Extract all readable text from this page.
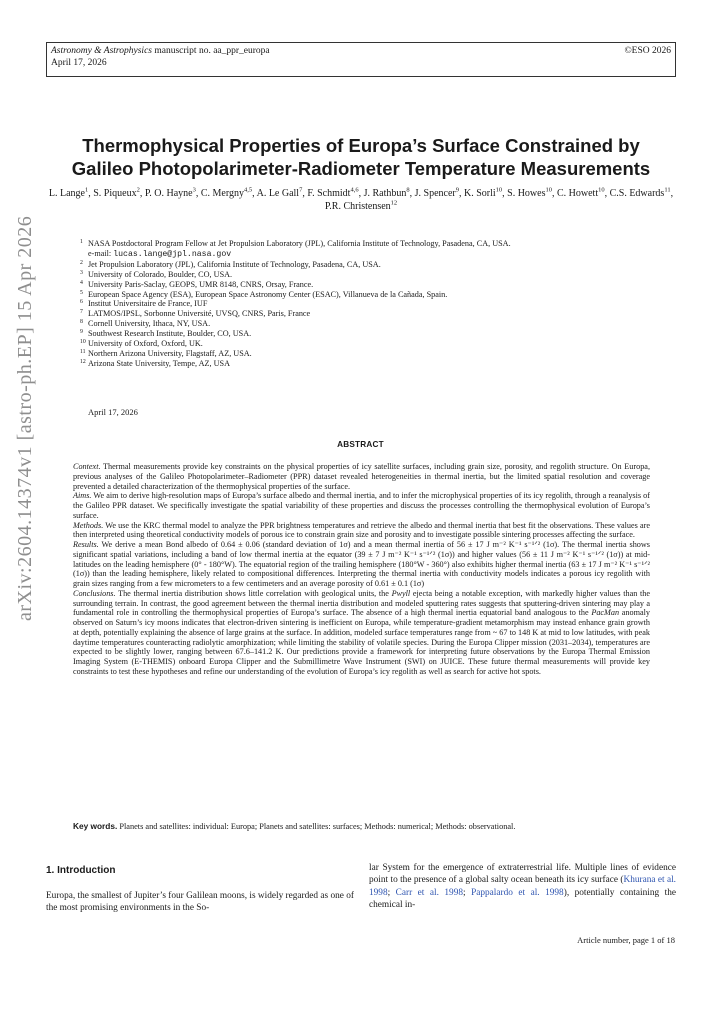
Astronomy & Astrophysics manuscript no. aa_ppr_europa
April 17, 2026
©ESO 2026
arXiv:2604.14374v1 [astro-ph.EP] 15 Apr 2026
Thermophysical Properties of Europa’s Surface Constrained by
Galileo Photopolarimeter-Radiometer Temperature Measurements
L. Lange$^1$, S. Piqueux$^2$, P. O. Hayne$^3$, C. Mergny$^{4,5}$, A. Le Gall$^7$, F. Schmidt$^{4,6}$, J. Rathbun$^8$, J. Spencer$^9$, K. Sorli$^{10}$, S. Howes$^{10}$, C. Howett$^{10}$, C.S. Edwards$^{11}$, P.R. Christensen$^{12}$
1 NASA Postdoctoral Program Fellow at Jet Propulsion Laboratory (JPL), California Institute of Technology, Pasadena, CA, USA.
e-mail: lucas.lange@jpl.nasa.gov
2 Jet Propulsion Laboratory (JPL), California Institute of Technology, Pasadena, CA, USA.
3 University of Colorado, Boulder, CO, USA.
4 University Paris-Saclay, GEOPS, UMR 8148, CNRS, Orsay, France.
5 European Space Agency (ESA), European Space Astronomy Center (ESAC), Villanueva de la Cañada, Spain.
6 Institut Universitaire de France, IUF
7 LATMOS/IPSL, Sorbonne Université, UVSQ, CNRS, Paris, France
8 Cornell University, Ithaca, NY, USA.
9 Southwest Research Institute, Boulder, CO, USA.
10 University of Oxford, Oxford, UK.
11 Northern Arizona University, Flagstaff, AZ, USA.
12 Arizona State University, Tempe, AZ, USA
April 17, 2026
ABSTRACT

Context. Thermal measurements provide key constraints on the physical properties of icy satellite surfaces, including grain size, porosity, and regolith structure. On Europa, previous analyses of the Galileo Photopolarimeter–Radiometer (PPR) dataset revealed heterogeneities in thermal inertia, but the limited spatial resolution and coverage prevented a detailed characterization of the thermophysical properties of the surface.

Aims. We aim to derive high-resolution maps of Europa’s surface albedo and thermal inertia, and to infer the microphysical properties of its icy regolith, through a reanalysis of the Galileo PPR dataset. We specifically investigate the spatial variability of these properties and discuss the processes controlling the thermophysical evolution of Europa’s surface.

Methods. We use the KRC thermal model to analyze the PPR brightness temperatures and retrieve the albedo and thermal inertia that best fit the observations. These values are then interpreted using theoretical conductivity models of porous ice to constrain grain size and porosity and to investigate possible sintering processes affecting the surface.

Results. We derive a mean Bond albedo of 0.64 ± 0.06 (standard deviation of 1σ) and a mean thermal inertia of 56 ± 17 J m⁻² K⁻¹ s⁻¹ᐟ² (1σ). The thermal inertia shows significant spatial variations, including a band of low thermal inertia at the equator (39 ± 7 J m⁻² K⁻¹ s⁻¹ᐟ² (1σ)) and higher values (56 ± 11 J m⁻² K⁻¹ s⁻¹ᐟ² (1σ)) at mid-latitudes on the leading hemisphere (0° - 180°W). The equatorial region of the trailing hemisphere (180°W - 360°) also exhibits higher thermal inertia (63 ± 17 J m⁻² K⁻¹ s⁻¹ᐟ² (1σ)) than the leading hemisphere, likely related to compositional differences. Interpreting the thermal inertia with conductivity models indicates a porous icy regolith with grain sizes ranging from a few micrometers to a few centimeters and an average porosity of 0.61 ± 0.1 (1σ)

Conclusions. The thermal inertia distribution shows little correlation with geological units, the Pwyll ejecta being a notable exception, with markedly higher values than the surrounding terrain. In contrast, the good agreement between the thermal inertia distribution and modeled sputtering rates suggests that sputtering-driven sintering may play a fundamental role in controlling the thermophysical properties of Europa’s surface. The absence of a high thermal inertia equatorial band analogous to the PacMan anomaly observed on Saturn’s icy moons indicates that electron-driven sintering is inefficient on Europa, while temperature-gradient metamorphism may instead enhance grain growth at depth, potentially explaining the absence of large grains at the surface. In addition, modeled surface temperatures range from ~ 67 to 148 K at mid to low latitudes, with peak daytime temperatures counteracting radiolytic amorphization; while limiting the stability of volatile species. During the Europa Clipper mission (2031–2034), temperatures are expected to be slightly lower, ranging between 67.6–141.2 K. Our predictions provide a framework for interpreting future observations by the Europa Thermal Emission Imaging System (E-THEMIS) onboard Europa Clipper and the Submillimetre Wave Instrument (SWI) on JUICE. These future thermal measurements will provide key constraints to test these hypotheses and refine our understanding of the evolution of Europa’s icy regolith as well as search for active hot spots.

Key words. Planets and satellites: individual: Europa; Planets and satellites: surfaces; Methods: numerical; Methods: observational.
1. Introduction
Europa, the smallest of Jupiter’s four Galilean moons, is widely regarded as one of the most promising environments in the So-
lar System for the emergence of extraterrestrial life. Multiple lines of evidence point to the presence of a global salty ocean beneath its icy surface (Khurana et al. 1998; Carr et al. 1998; Pappalardo et al. 1998), potentially containing the chemical in-
Article number, page 1 of 18
